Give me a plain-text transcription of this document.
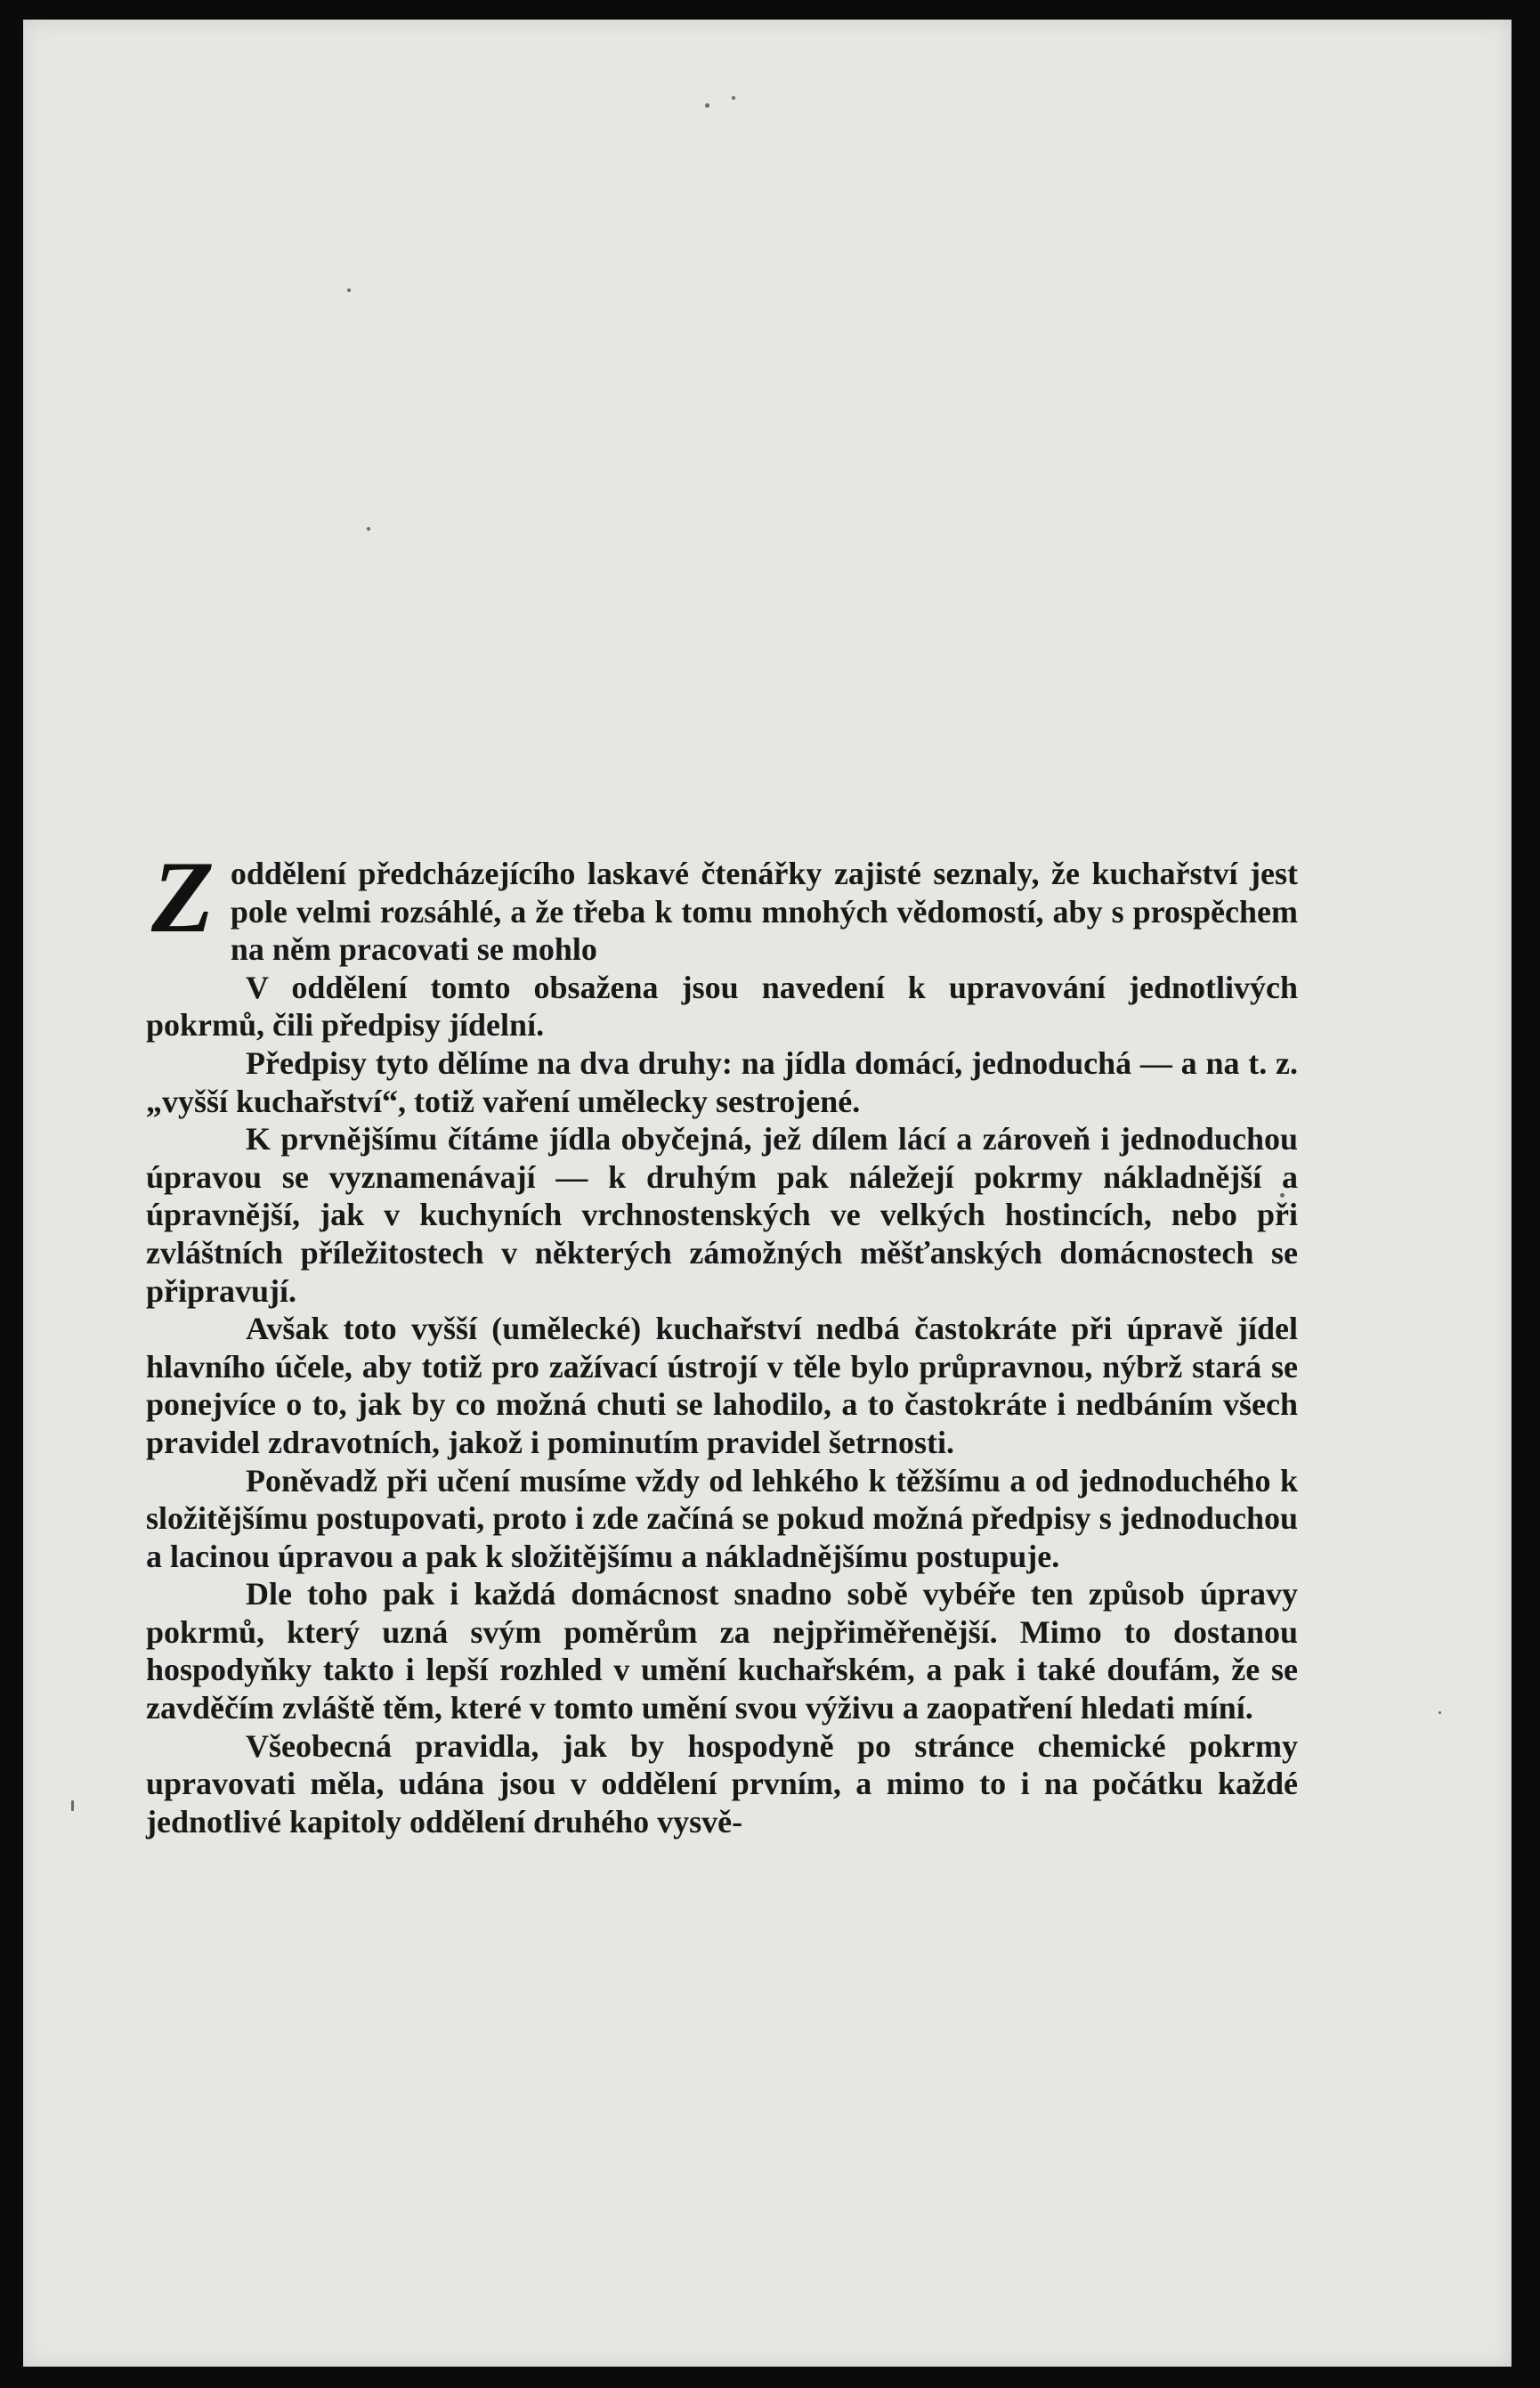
Zoddělení předcházejícího laskavé čtenářky zajisté seznaly, že kuchařství jest pole velmi rozsáhlé, a že třeba k tomu mnohých vědomostí, aby s prospěchem na něm pracovati se mohlo

V oddělení tomto obsažena jsou navedení k upravování jednotlivých pokrmů, čili předpisy jídelní.

Předpisy tyto dělíme na dva druhy: na jídla domácí, jednoduchá — a na t. z. „vyšší kuchařství“, totiž vaření umělecky sestrojené.

K prvnějšímu čítáme jídla obyčejná, jež dílem lácí a zároveň i jednoduchou úpravou se vyznamenávají — k druhým pak náležejí pokrmy nákladnější a úpravnější, jak v kuchyních vrchnostenských ve velkých hostincích, nebo při zvláštních příležitostech v některých zámožných měšťanských domácnostech se připravují.

Avšak toto vyšší (umělecké) kuchařství nedbá častokráte při úpravě jídel hlavního účele, aby totiž pro zažívací ústrojí v těle bylo průpravnou, nýbrž stará se ponejvíce o to, jak by co možná chuti se lahodilo, a to častokráte i nedbáním všech pravidel zdravotních, jakož i pominutím pravidel šetrnosti.

Poněvadž při učení musíme vždy od lehkého k těžšímu a od jednoduchého k složitějšímu postupovati, proto i zde začíná se pokud možná předpisy s jednoduchou a lacinou úpravou a pak k složitějšímu a nákladnějšímu postupuje.

Dle toho pak i každá domácnost snadno sobě vybéře ten způsob úpravy pokrmů, který uzná svým poměrům za nejpřiměřenější. Mimo to dostanou hospodyňky takto i lepší rozhled v umění kuchařském, a pak i také doufám, že se zavděčím zvláště těm, které v tomto umění svou výživu a zaopatření hledati míní.

Všeobecná pravidla, jak by hospodyně po stránce chemické pokrmy upravovati měla, udána jsou v oddělení prvním, a mimo to i na počátku každé jednotlivé kapitoly oddělení druhého vysvě-
